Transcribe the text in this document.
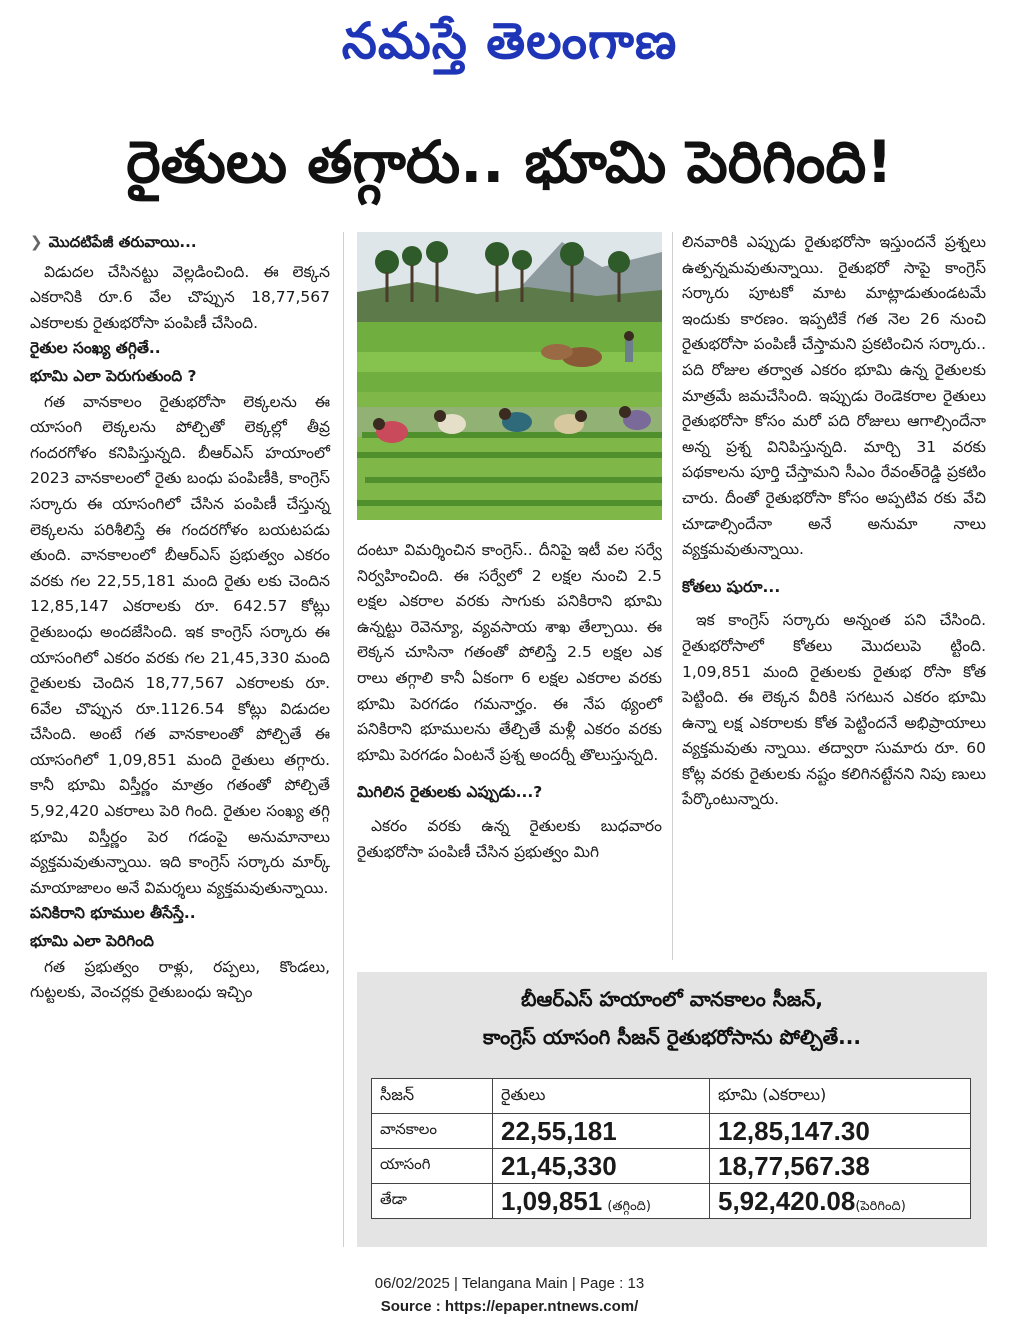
నమస్తే తెలంగాణ
రైతులు తగ్గారు.. భూమి పెరిగింది!
❯ మొదటిపేజీ తరువాయి...

విడుదల చేసినట్టు వెల్లడించింది. ఈ లెక్కన ఎకరానికి రూ.6 వేల చొప్పున 18,77,567 ఎకరాలకు రైతుభరోసా పంపిణీ చేసింది.

రైతుల సంఖ్య తగ్గితే..

భూమి ఎలా పెరుగుతుంది ?

గత వానకాలం రైతుభరోసా లెక్కలను ఈ యాసంగి లెక్కలను పోల్చితో లెక్కల్లో తీవ్ర గందరగోళం కనిపిస్తున్నది. బీఆర్ఎస్ హయాంలో 2023 వానకాలంలో రైతు బంధు పంపిణీకి, కాంగ్రెస్ సర్కారు ఈ యాసంగిలో చేసిన పంపిణీ చేస్తున్న లెక్కలను పరిశీలిస్తే ఈ గందరగోళం బయటపడు తుంది. వానకాలంలో బీఆర్ఎస్ ప్రభుత్వం ఎకరం వరకు గల 22,55,181 మంది రైతు లకు చెందిన 12,85,147 ఎకరాలకు రూ. 642.57 కోట్లు రైతుబంధు అందజేసింది. ఇక కాంగ్రెస్ సర్కారు ఈ యాసంగిలో ఎకరం వరకు గల 21,45,330 మంది రైతులకు చెందిన 18,77,567 ఎకరాలకు రూ. 6వేల చొప్పున రూ.1126.54 కోట్లు విడుదల చేసింది. అంటే గత వానకాలంతో పోల్చితే ఈ యాసంగిలో 1,09,851 మంది రైతులు తగ్గారు. కానీ భూమి విస్తీర్ణం మాత్రం గతంతో పోల్చితే 5,92,420 ఎకరాలు పెరి గింది. రైతుల సంఖ్య తగ్గి భూమి విస్తీర్ణం పెర గడంపై అనుమానాలు వ్యక్తమవుతున్నాయి. ఇది కాంగ్రెస్ సర్కారు మార్క్ మాయాజాలం అనే విమర్శలు వ్యక్తమవుతున్నాయి.

పనికిరాని భూముల తీసేస్తే..

భూమి ఎలా పెరిగింది

గత ప్రభుత్వం రాళ్లు, రప్పలు, కొండలు, గుట్టలకు, వెంచర్లకు రైతుబంధు ఇచ్చిం

దంటూ విమర్శించిన కాంగ్రెస్.. దీనిపై ఇటీ వల సర్వే నిర్వహించింది. ఈ సర్వేలో 2 లక్షల నుంచి 2.5 లక్షల ఎకరాల వరకు సాగుకు పనికిరాని భూమి ఉన్నట్టు రెవెన్యూ, వ్యవసాయ శాఖ తేల్చాయి. ఈ లెక్కన చూసినా గతంతో పోలిస్తే 2.5 లక్షల ఎక రాలు తగ్గాలి కానీ ఏకంగా 6 లక్షల ఎకరాల వరకు భూమి పెరగడం గమనార్హం. ఈ నేప థ్యంలో పనికిరాని భూములను తేల్చితే మళ్లీ ఎకరం వరకు భూమి పెరగడం ఏంటనే ప్రశ్న అందర్నీ తొలుస్తున్నది.

మిగిలిన రైతులకు ఎప్పుడు...?

ఎకరం వరకు ఉన్న రైతులకు బుధవారం రైతుభరోసా పంపిణీ చేసిన ప్రభుత్వం మిగి

లినవారికి ఎప్పుడు రైతుభరోసా ఇస్తుందనే ప్రశ్నలు ఉత్పన్నమవుతున్నాయి. రైతుభరో సాపై కాంగ్రెస్ సర్కారు పూటకో మాట మాట్లాడుతుండటమే ఇందుకు కారణం. ఇప్పటికే గత నెల 26 నుంచి రైతుభరోసా పంపిణీ చేస్తామని ప్రకటించిన సర్కారు.. పది రోజుల తర్వాత ఎకరం భూమి ఉన్న రైతులకు మాత్రమే జమచేసింది. ఇప్పుడు రెండెకరాల రైతులు రైతుభరోసా కోసం మరో పది రోజులు ఆగాల్సిందేనా అన్న ప్రశ్న వినిపిస్తున్నది. మార్చి 31 వరకు పథకాలను పూర్తి చేస్తామని సీఎం రేవంత్‌రెడ్డి ప్రకటిం చారు. దీంతో రైతుభరోసా కోసం అప్పటివ రకు వేచి చూడాల్సిందేనా అనే అనుమా నాలు వ్యక్తమవుతున్నాయి.

కోతలు షురూ...

ఇక కాంగ్రెస్ సర్కారు అన్నంత పని చేసింది. రైతుభరోసాలో కోతలు మొదలుపె ట్టింది. 1,09,851 మంది రైతులకు రైతుభ రోసా కోత పెట్టింది. ఈ లెక్కన వీరికి సగటున ఎకరం భూమి ఉన్నా లక్ష ఎకరాలకు కోత పెట్టిందనే అభిప్రాయాలు వ్యక్తమవుతు న్నాయి. తద్వారా సుమారు రూ. 60 కోట్ల వరకు రైతులకు నష్టం కలిగినట్టేనని నిపు ణులు పేర్కొంటున్నారు.

బీఆర్ఎస్ హయాంలో వానకాలం సీజన్,
కాంగ్రెస్ యాసంగి సీజన్ రైతుభరోసాను పోల్చితే...
సీజన్	రైతులు	భూమి (ఎకరాలు)
వానకాలం	22,55,181	12,85,147.30
యాసంగి	21,45,330	18,77,567.38
తేడా	1,09,851 (తగ్గింది)	5,92,420.08(పెరిగింది)
06/02/2025 | Telangana Main | Page : 13
Source : https://epaper.ntnews.com/
